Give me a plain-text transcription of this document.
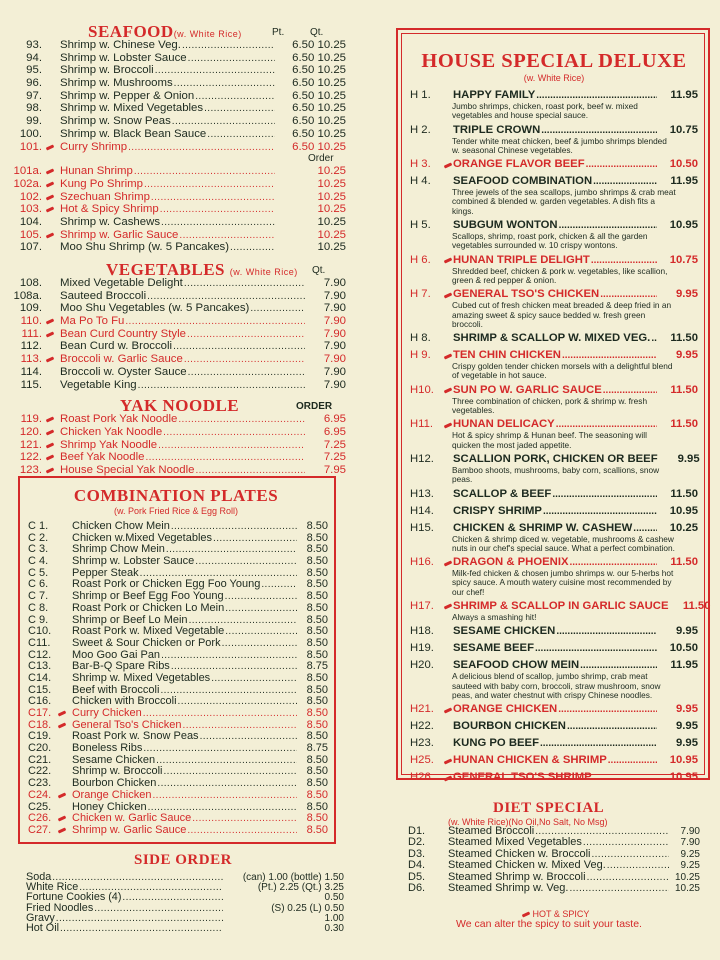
SEAFOOD(w. White Rice)	Pt.	Qt.
93.	Shrimp w. Chinese Veg. .....	6.50 10.25
94.	Shrimp w. Lobster Sauce .....	6.50 10.25
95.	Shrimp w. Broccoli .....	6.50 10.25
96.	Shrimp w. Mushrooms .....	6.50 10.25
97.	Shrimp w. Pepper & Onion .....	6.50 10.25
98.	Shrimp w. Mixed Vegetables .....	6.50 10.25
99.	Shrimp w. Snow Peas .....	6.50 10.25
100.	Shrimp w. Black Bean Sauce .....	6.50 10.25
101.	Curry Shrimp .....	6.50 10.25
Order
101a.	Hunan Shrimp .....	10.25
102a.	Kung Po Shrimp .....	10.25
102.	Szechuan Shrimp .....	10.25
103.	Hot & Spicy Shrimp .....	10.25
104.	Shrimp w. Cashews .....	10.25
105.	Shrimp w. Garlic Sauce .....	10.25
107.	Moo Shu Shrimp (w. 5 Pancakes) .....	10.25
VEGETABLES (w. White Rice) Qt.
108.	Mixed Vegetable Delight .....	7.90
108a.	Sauteed Broccoli .....	7.90
109.	Moo Shu Vegetables (w. 5 Pancakes) .....	7.90
110.	Ma Po To Fu .....	7.90
111.	Bean Curd Country Style .....	7.90
112.	Bean Curd w. Broccoli .....	7.90
113.	Broccoli w. Garlic Sauce .....	7.90
114.	Broccoli w. Oyster Sauce .....	7.90
115.	Vegetable King .....	7.90
YAK NOODLE	ORDER
119.	Roast Pork Yak Noodle .....	6.95
120.	Chicken Yak Noodle .....	6.95
121.	Shrimp Yak Noodle .....	7.25
122.	Beef Yak Noodle .....	7.25
123.	House Special Yak Noodle .....	7.95
COMBINATION PLATES
(w. Pork Fried Rice & Egg Roll)
C 1.	Chicken Chow Mein .....	8.50
C 2.	Chicken w.Mixed Vegetables .....	8.50
C 3.	Shrimp Chow Mein .....	8.50
C 4.	Shrimp w. Lobster Sauce .....	8.50
C 5.	Pepper Steak .....	8.50
C 6.	Roast Pork or Chicken Egg Foo Young .....	8.50
C 7.	Shrimp or Beef Egg Foo Young .....	8.50
C 8.	Roast Pork or Chicken Lo Mein .....	8.50
C 9.	Shrimp or Beef Lo Mein .....	8.50
C10.	Roast Pork w. Mixed Vegetable .....	8.50
C11.	Sweet & Sour Chicken or Pork .....	8.50
C12.	Moo Goo Gai Pan .....	8.50
C13.	Bar-B-Q Spare Ribs .....	8.75
C14.	Shrimp w. Mixed Vegetables .....	8.50
C15.	Beef with Broccoli .....	8.50
C16.	Chicken with Broccoli .....	8.50
C17.	Curry Chicken .....	8.50
C18.	General Tso's Chicken .....	8.50
C19.	Roast Pork w. Snow Peas .....	8.50
C20.	Boneless Ribs .....	8.75
C21.	Sesame Chicken .....	8.50
C22.	Shrimp w. Broccoli .....	8.50
C23.	Bourbon Chicken .....	8.50
C24.	Orange Chicken .....	8.50
C25.	Honey Chicken .....	8.50
C26.	Chicken w. Garlic Sauce .....	8.50
C27.	Shrimp w. Garlic Sauce .....	8.50
SIDE ORDER
Soda .....	(can) 1.00 (bottle) 1.50
White Rice .....	(Pt.) 2.25 (Qt.) 3.25
Fortune Cookies (4) .....	0.50
Fried Noodles .....	(S) 0.25 (L) 0.50
Gravy .....	1.00
Hot Oil .....	0.30
HOUSE SPECIAL DELUXE
(w. White Rice)
H 1.	HAPPY FAMILY .....	11.95
Jumbo shrimps, chicken, roast pork, beef w. mixed vegetables and house special sauce.
H 2.	TRIPLE CROWN .....	10.75
Tender white meat chicken, beef & jumbo shrimps blended w. seasonal Chinese vegetables.
H 3.	ORANGE FLAVOR BEEF .....	10.50
H 4.	SEAFOOD COMBINATION .....	11.95
Three jewels of the sea scallops, jumbo shrimps & crab meat combined & blended w. garden vegetables. A dish fits a kings.
H 5.	SUBGUM WONTON .....	10.95
Scallops, shrimp, roast pork, chicken & all the garden vegetables surrounded w. 10 crispy wontons.
H 6.	HUNAN TRIPLE DELIGHT .....	10.75
Shredded beef, chicken & pork w. vegetables, like scallion, green & red pepper & onion.
H 7.	GENERAL TSO'S CHICKEN .....	9.95
Cubed cut of fresh chicken meat breaded & deep fried in an amazing sweet & spicy sauce bedded w. fresh green broccoli.
H 8.	SHRIMP & SCALLOP W. MIXED VEG. .....	11.50
H 9.	TEN CHIN CHICKEN .....	9.95
Crispy golden tender chicken morsels with a delightful blend of vegetable in hot sauce.
H10.	SUN PO W. GARLIC SAUCE .....	11.50
Three combination of chicken, pork & shrimp w. fresh vegetables.
H11.	HUNAN DELICACY .....	11.50
Hot & spicy shrimp & Hunan beef. The seasoning will quicken the most jaded appetite.
H12.	SCALLION PORK, CHICKEN OR BEEF	9.95
Bamboo shoots, mushrooms, baby corn, scallions, snow peas.
H13.	SCALLOP & BEEF .....	11.50
H14.	CRISPY SHRIMP .....	10.95
H15.	CHICKEN & SHRIMP W. CASHEW .....	10.25
Chicken & shrimp diced w. vegetable, mushrooms & cashew nuts in our chef's special sauce. What a perfect combination.
H16.	DRAGON & PHOENIX .....	11.50
Milk-fed chicken & chosen jumbo shrimps w. our 5-herbs hot spicy sauce. A mouth watery cuisine most recommended by our chef!
H17.	SHRIMP & SCALLOP IN GARLIC SAUCE	11.50
Always a smashing hit!
H18.	SESAME CHICKEN .....	9.95
H19.	SESAME BEEF .....	10.50
H20.	SEAFOOD CHOW MEIN .....	11.95
A delicious blend of scallop, jumbo shrimp, crab meat sauteed with baby corn, broccoli, straw mushroom, snow peas, and water chestnut with crispy Chinese noodles.
H21.	ORANGE CHICKEN .....	9.95
H22.	BOURBON CHICKEN .....	9.95
H23.	KUNG PO BEEF .....	9.95
H25.	HUNAN CHICKEN & SHRIMP .....	10.95
H26.	GENERAL TSO'S SHRIMP .....	10.95
DIET SPECIAL
(w. White Rice)(No Oil,No Salt, No Msg)
D1.	Steamed Broccoli .....	7.90
D2.	Steamed Mixed Vegetables .....	7.90
D3.	Steamed Chicken w. Broccoli .....	9.25
D4.	Steamed Chicken w. Mixed Veg. .....	9.25
D5.	Steamed Shrimp w. Broccoli .....	10.25
D6.	Steamed Shrimp w. Veg. .....	10.25
HOT & SPICY
We can alter the spicy to suit your taste.
